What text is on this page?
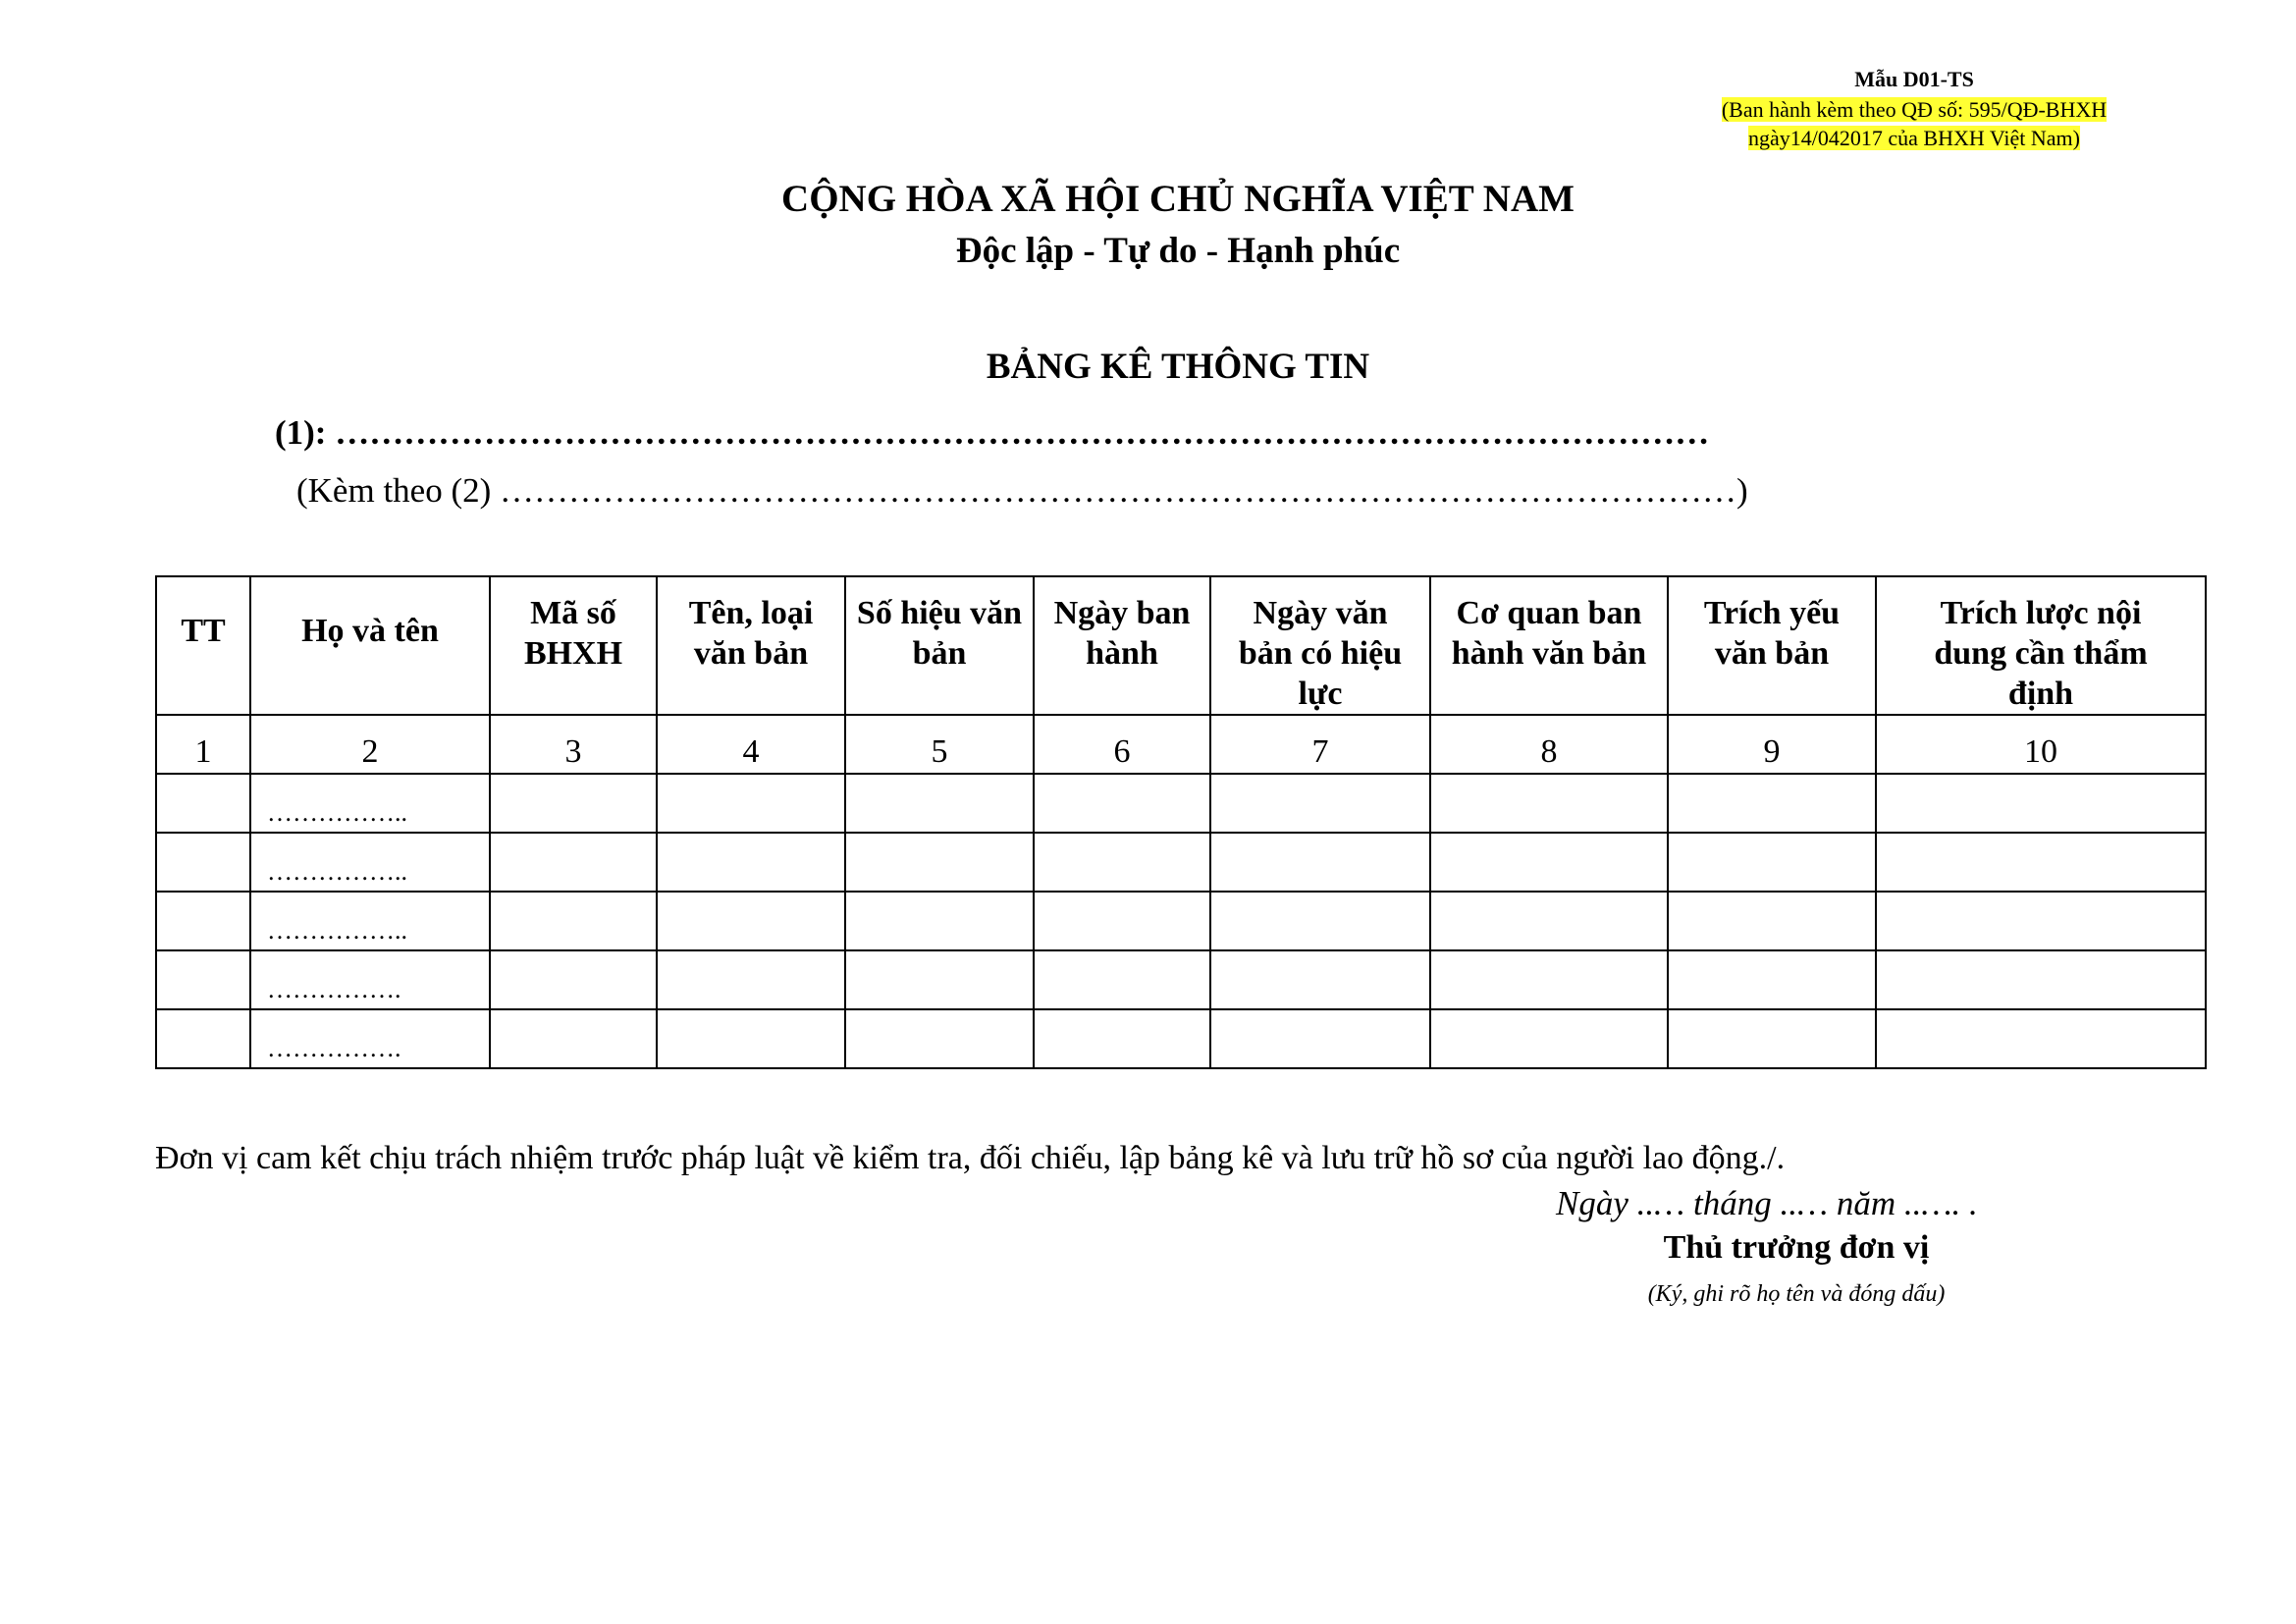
Mẫu D01-TS
(Ban hành kèm theo QĐ số: 595/QĐ-BHXH
ngày14/042017 của BHXH Việt Nam)
CỘNG HÒA XÃ HỘI CHỦ NGHĨA VIỆT NAM
Độc lập - Tự do - Hạnh phúc
BẢNG KÊ THÔNG TIN
(1): …………………………………………………………………………………………………………
(Kèm theo (2) ………………………………………………………………………………………………)
TT	Họ và tên	Mã số BHXH	Tên, loại văn bản	Số hiệu văn bản	Ngày ban hành	Ngày văn bản có hiệu lực	Cơ quan ban hành văn bản	Trích yếu văn bản	Trích lược nội dung cần thẩm định
1	2	3	4	5	6	7	8	9	10
	……………..								
	……………..								
	……………..								
	…………….								
	…………….								
Đơn vị cam kết chịu trách nhiệm trước pháp luật về kiểm tra, đối chiếu, lập bảng kê và lưu trữ hồ sơ của người lao động./.
Ngày ..… tháng ..… năm ..…. .
Thủ trưởng đơn vị
(Ký, ghi rõ họ tên và đóng dấu)
